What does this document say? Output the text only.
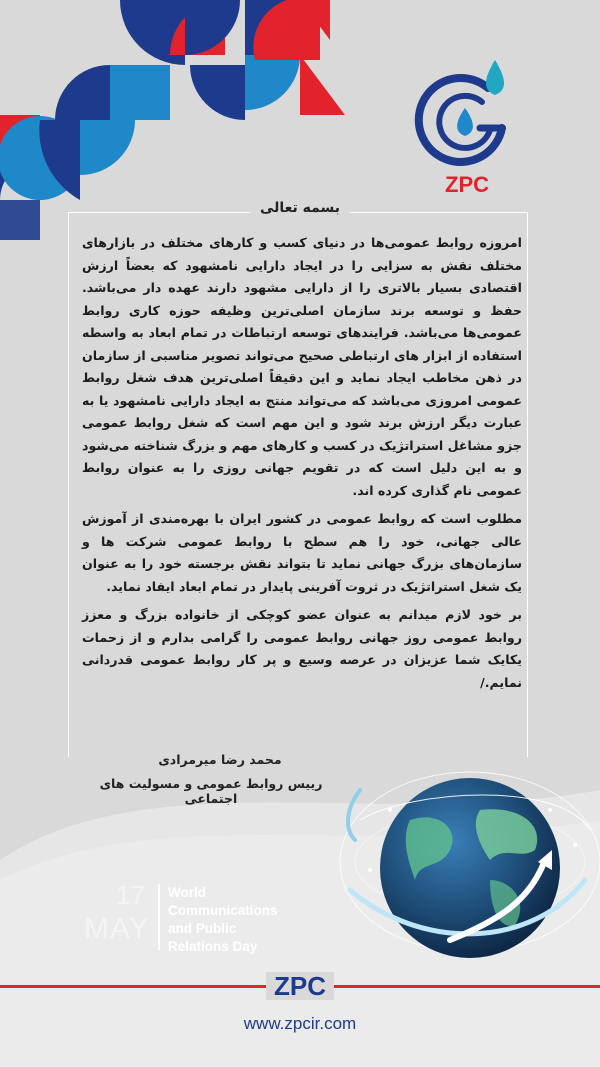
ZPC
بسمه تعالی

امروزه روابط عمومی‌ها در دنیای کسب و کارهای مختلف در بازارهای مختلف نقش به سزایی را در ایجاد دارایی نامشهود که بعضاً ارزش اقتصادی بسیار بالاتری را از دارایی مشهود دارند عهده دار می‌باشد. حفظ و توسعه برند سازمان اصلی‌ترین وظیفه حوزه کاری روابط عمومی‌ها می‌باشد. فرایندهای توسعه ارتباطات در تمام ابعاد به واسطه استفاده از ابزار های ارتباطی صحیح می‌تواند تصویر مناسبی از سازمان در ذهن مخاطب ایجاد نماید و این دقیقاً اصلی‌ترین هدف شغل روابط عمومی امروزی می‌باشد که می‌تواند منتج به ایجاد دارایی نامشهود یا به عبارت دیگر ارزش برند شود و این مهم است که شغل روابط عمومی جزو مشاغل استراتژیک در کسب و کارهای مهم و بزرگ شناخته می‌شود و به این دلیل است که در تقویم جهانی روزی را به عنوان روابط عمومی نام گذاری کرده اند.

مطلوب است که روابط عمومی در کشور ایران با بهره‌مندی از آموزش عالی جهانی، خود را هم سطح با روابط عمومی شرکت ها و سازمان‌های بزرگ جهانی نماید تا بتواند نقش برجسته خود را به عنوان یک شغل استراتژیک در ثروت آفرینی پایدار در تمام ابعاد ایفاد نماید.

بر خود لازم میدانم به عنوان عضو کوچکی از خانواده بزرگ و معزز روابط عمومی روز جهانی روابط عمومی را گرامی بدارم و از زحمات یکایک شما عزیزان در عرصه وسیع و پر کار روابط عمومی قدردانی نمایم./

محمد رضا میرمرادی
رییس روابط عمومی و مسولیت های اجتماعی
17
MAY
World
Communications
and Public
Relations Day
ZPC
www.zpcir.com
